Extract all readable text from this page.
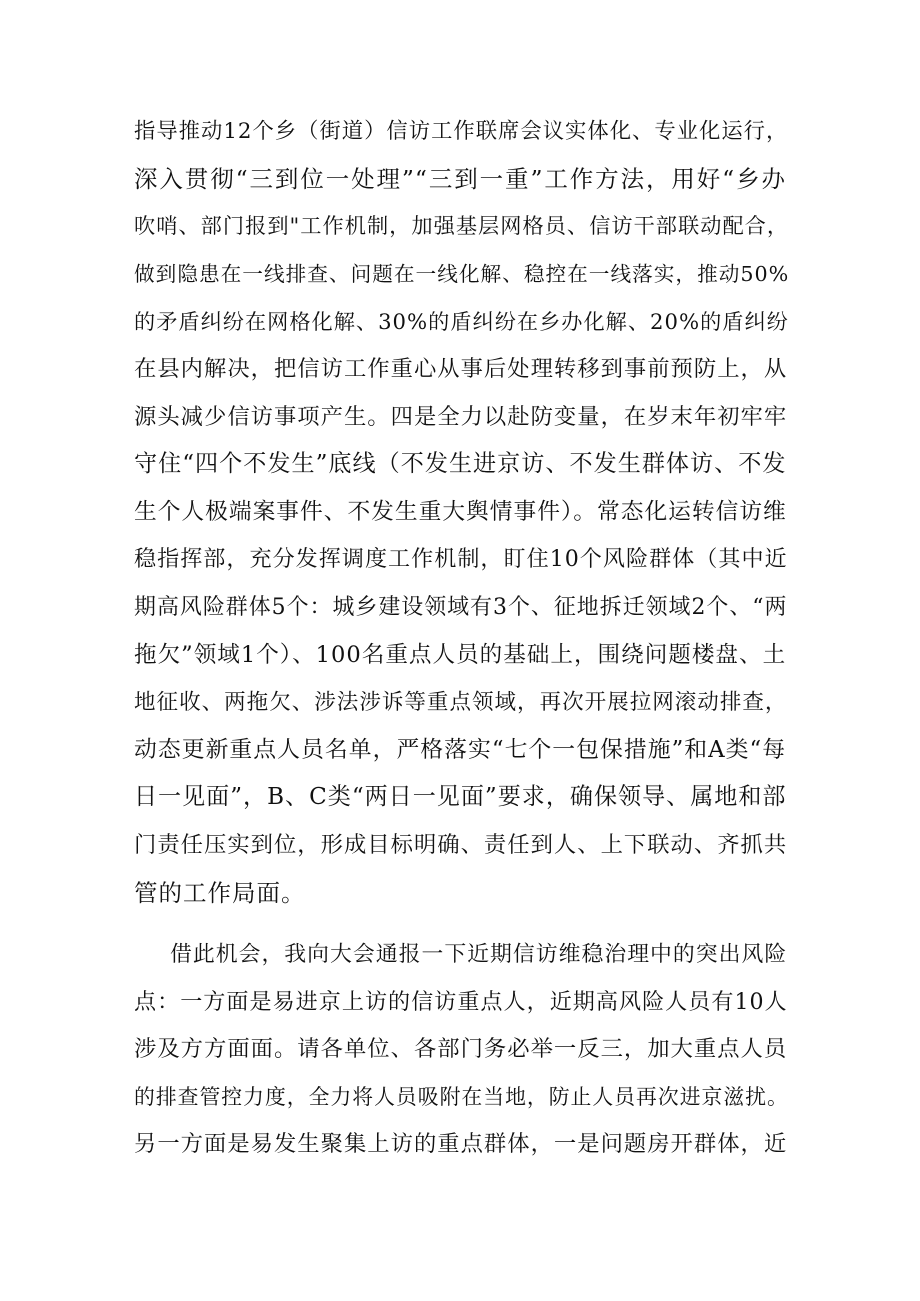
指导推动12个乡（街道）信访工作联席会议实体化、专业化运行，
深入贯彻“三到位一处理”“三到一重”工作方法，用好“乡办
吹哨、部门报到"工作机制，加强基层网格员、信访干部联动配合，
做到隐患在一线排查、问题在一线化解、稳控在一线落实，推动50%
的矛盾纠纷在网格化解、30%的盾纠纷在乡办化解、20%的盾纠纷
在县内解决，把信访工作重心从事后处理转移到事前预防上，从
源头减少信访事项产生。四是全力以赴防变量，在岁末年初牢牢
守住“四个不发生”底线（不发生进京访、不发生群体访、不发
生个人极端案事件、不发生重大舆情事件）。常态化运转信访维
稳指挥部，充分发挥调度工作机制，盯住10个风险群体（其中近
期高风险群体5个：城乡建设领域有3个、征地拆迁领域2个、“两
拖欠”领域1个）、100名重点人员的基础上，围绕问题楼盘、土
地征收、两拖欠、涉法涉诉等重点领域，再次开展拉网滚动排查，
动态更新重点人员名单，严格落实“七个一包保措施”和A类“每
日一见面”，B、C类“两日一见面”要求，确保领导、属地和部
门责任压实到位，形成目标明确、责任到人、上下联动、齐抓共
管的工作局面。
借此机会，我向大会通报一下近期信访维稳治理中的突出风险
点：一方面是易进京上访的信访重点人，近期高风险人员有10人
涉及方方面面。请各单位、各部门务必举一反三，加大重点人员
的排查管控力度，全力将人员吸附在当地，防止人员再次进京滋扰。
另一方面是易发生聚集上访的重点群体，一是问题房开群体，近
